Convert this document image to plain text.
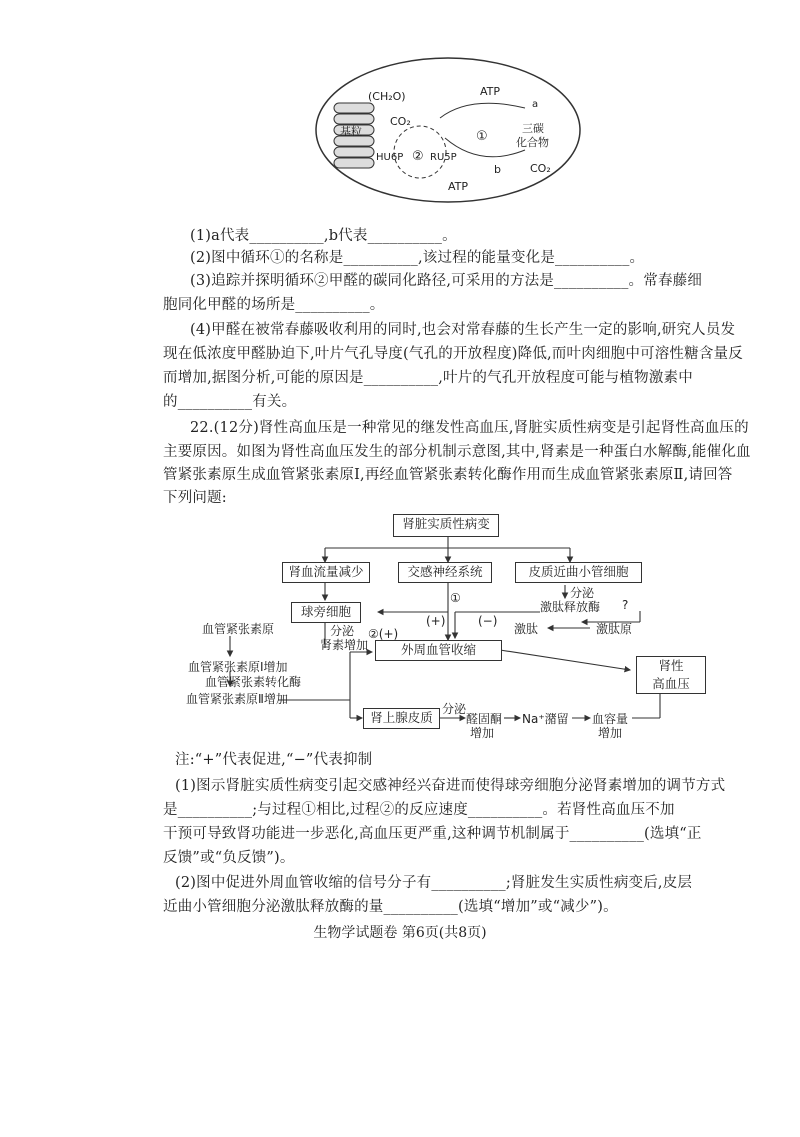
(CH₂O)	ATP
a
CO₂
基粒	①
三碳
化合物
HU6P ② RU5P
b	CO₂
ATP
(1)a代表__________,b代表__________。
(2)图中循环①的名称是__________,该过程的能量变化是__________。
(3)追踪并探明循环②甲醛的碳同化路径,可采用的方法是__________。常春藤细
胞同化甲醛的场所是__________。
(4)甲醛在被常春藤吸收利用的同时,也会对常春藤的生长产生一定的影响,研究人员发
现在低浓度甲醛胁迫下,叶片气孔导度(气孔的开放程度)降低,而叶肉细胞中可溶性糖含量反
而增加,据图分析,可能的原因是__________,叶片的气孔开放程度可能与植物激素中
的__________有关。
22.(12分)肾性高血压是一种常见的继发性高血压,肾脏实质性病变是引起肾性高血压的
主要原因。如图为肾性高血压发生的部分机制示意图,其中,肾素是一种蛋白水解酶,能催化血
管紧张素原生成血管紧张素原Ⅰ,再经血管紧张素转化酶作用而生成血管紧张素原Ⅱ,请回答
下列问题:
肾脏实质性病变
肾血流量减少	交感神经系统	皮质近曲小管细胞
球旁细胞
外周血管收缩
肾上腺皮质
肾性
高血压
分泌
激肽释放酶 ?
①
(+)	(−)
激肽	激肽原
血管紧张素原	分泌
肾素增加
②(+)
血管紧张素原Ⅰ增加
血管紧张素转化酶
血管紧张素原Ⅱ增加
分泌
醛固酮
增加
Na⁺潴留 血容量
增加
注:“+”代表促进,“−”代表抑制
(1)图示肾脏实质性病变引起交感神经兴奋进而使得球旁细胞分泌肾素增加的调节方式
是__________;与过程①相比,过程②的反应速度__________。若肾性高血压不加
干预可导致肾功能进一步恶化,高血压更严重,这种调节机制属于__________(选填“正
反馈”或“负反馈”)。
(2)图中促进外周血管收缩的信号分子有__________;肾脏发生实质性病变后,皮层
近曲小管细胞分泌激肽释放酶的量__________(选填“增加”或“减少”)。
生物学试题卷 第6页(共8页)
